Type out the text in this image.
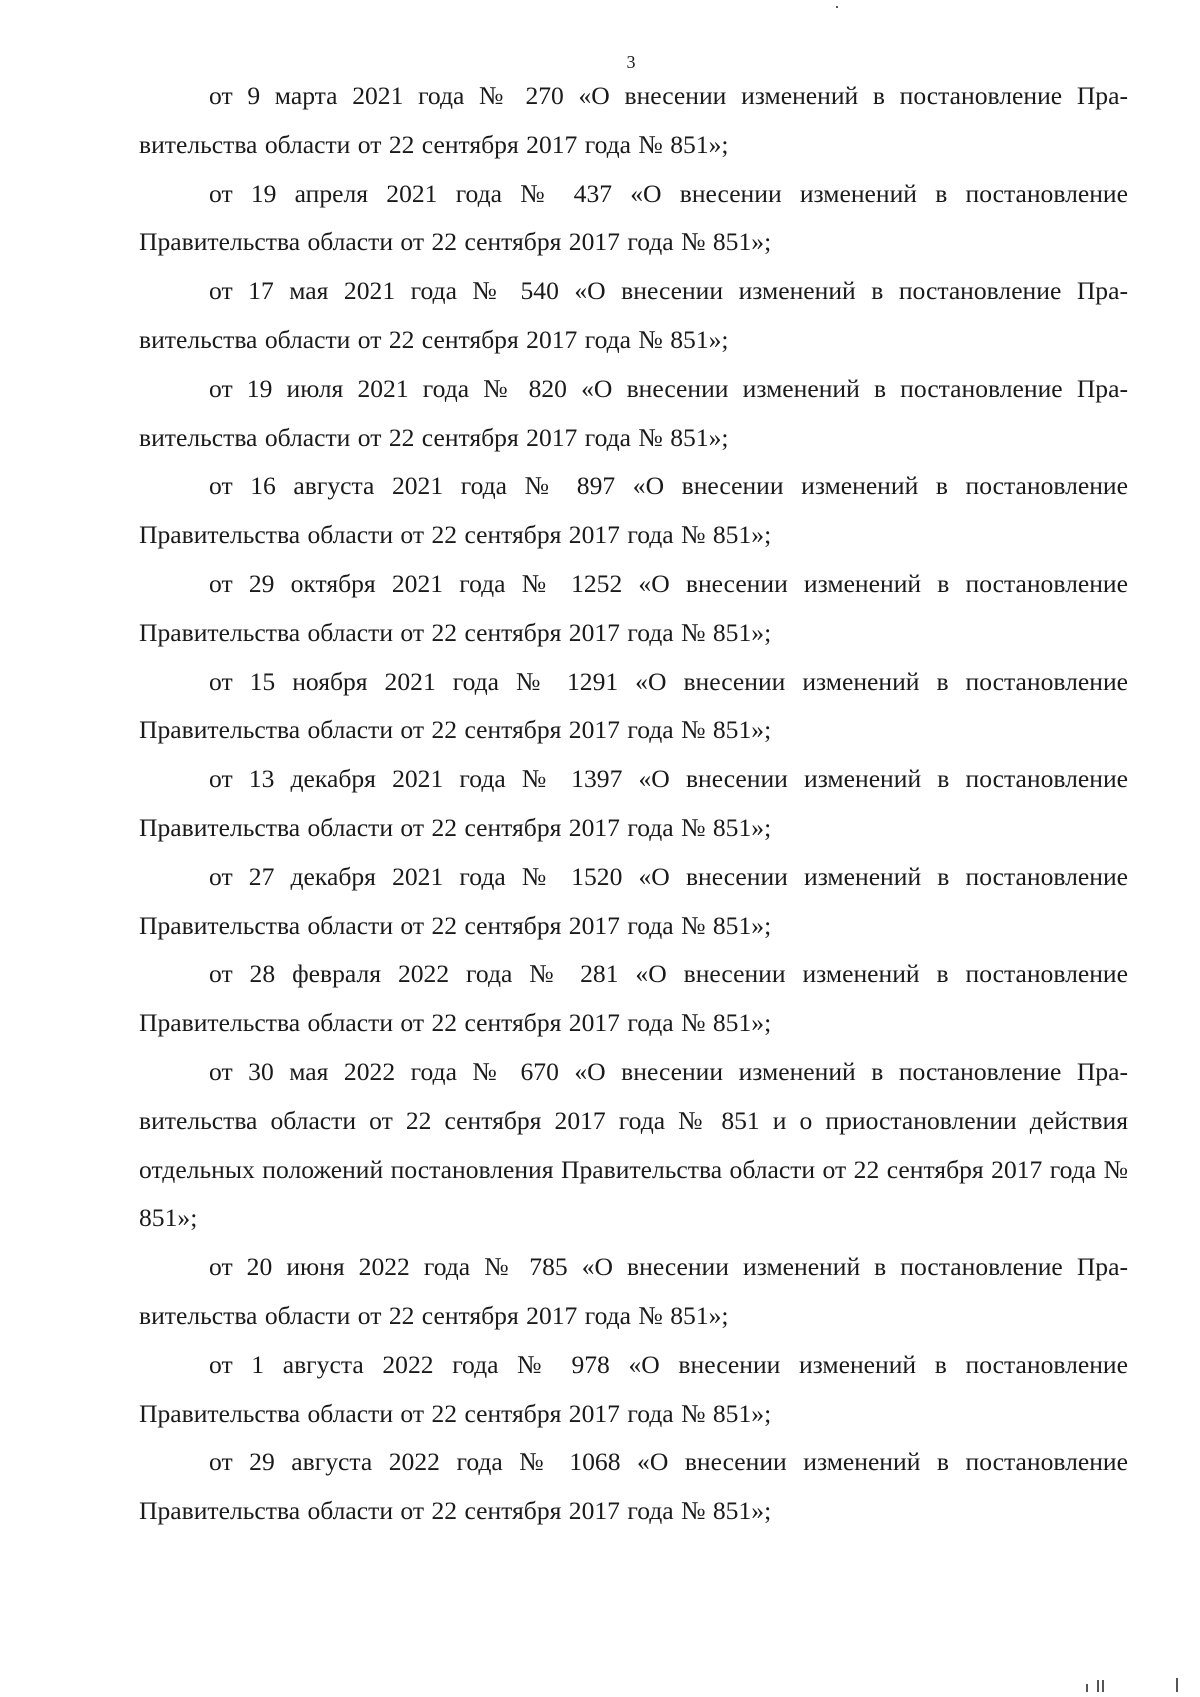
3

от 9 марта 2021 года № 270 «О внесении изменений в постановление Правительства области от 22 сентября 2017 года № 851»;

от 19 апреля 2021 года № 437 «О внесении изменений в постановление Правительства области от 22 сентября 2017 года № 851»;

от 17 мая 2021 года № 540 «О внесении изменений в постановление Правительства области от 22 сентября 2017 года № 851»;

от 19 июля 2021 года № 820 «О внесении изменений в постановление Правительства области от 22 сентября 2017 года № 851»;

от 16 августа 2021 года № 897 «О внесении изменений в постановление Правительства области от 22 сентября 2017 года № 851»;

от 29 октября 2021 года № 1252 «О внесении изменений в постановление Правительства области от 22 сентября 2017 года № 851»;

от 15 ноября 2021 года № 1291 «О внесении изменений в постановление Правительства области от 22 сентября 2017 года № 851»;

от 13 декабря 2021 года № 1397 «О внесении изменений в постановление Правительства области от 22 сентября 2017 года № 851»;

от 27 декабря 2021 года № 1520 «О внесении изменений в постановление Правительства области от 22 сентября 2017 года № 851»;

от 28 февраля 2022 года № 281 «О внесении изменений в постановление Правительства области от 22 сентября 2017 года № 851»;

от 30 мая 2022 года № 670 «О внесении изменений в постановление Правительства области от 22 сентября 2017 года № 851 и о приостановлении действия отдельных положений постановления Правительства области от 22 сентября 2017 года № 851»;

от 20 июня 2022 года № 785 «О внесении изменений в постановление Правительства области от 22 сентября 2017 года № 851»;

от 1 августа 2022 года № 978 «О внесении изменений в постановление Правительства области от 22 сентября 2017 года № 851»;

от 29 августа 2022 года № 1068 «О внесении изменений в постановление Правительства области от 22 сентября 2017 года № 851»;
